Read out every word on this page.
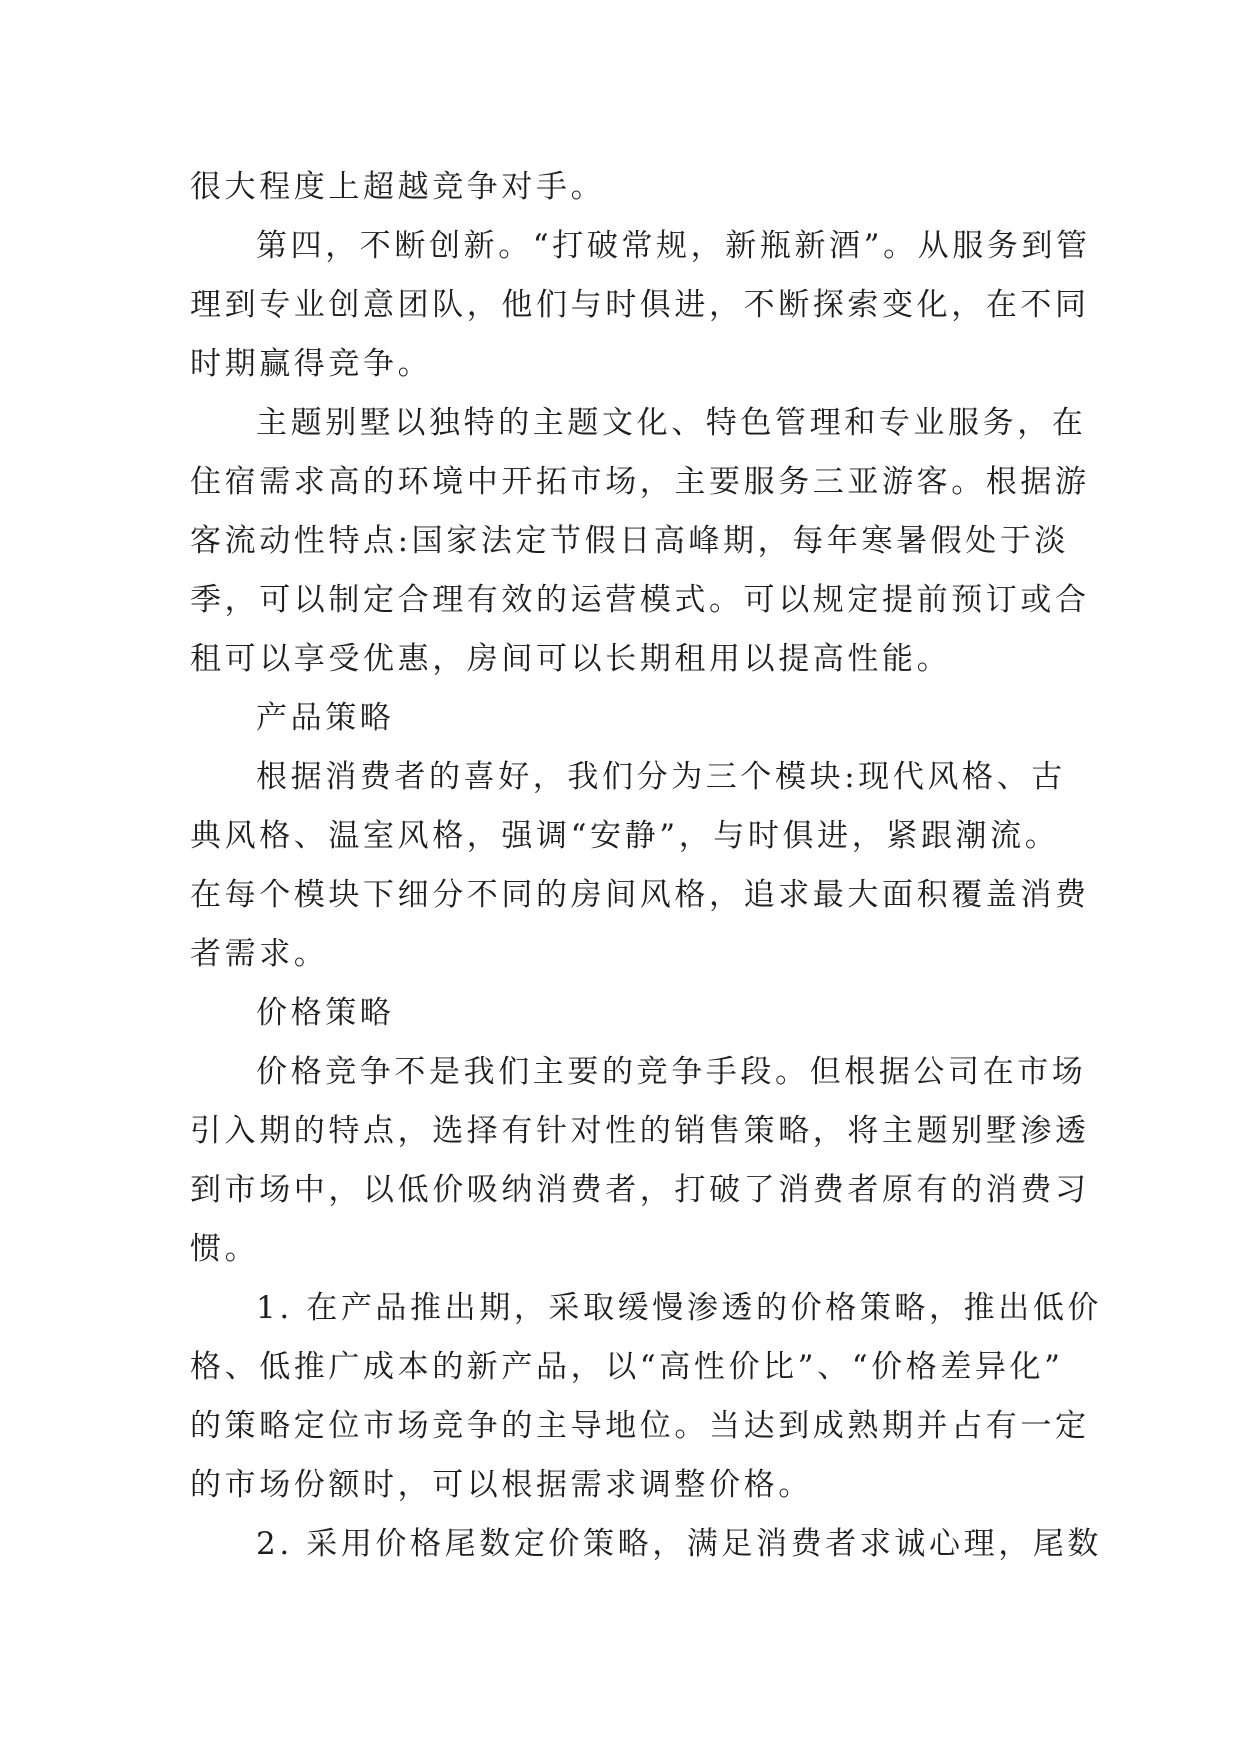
很大程度上超越竞争对手。
第四，不断创新。“打破常规，新瓶新酒”。从服务到管
理到专业创意团队，他们与时俱进，不断探索变化，在不同
时期赢得竞争。
主题别墅以独特的主题文化、特色管理和专业服务，在
住宿需求高的环境中开拓市场，主要服务三亚游客。根据游
客流动性特点:国家法定节假日高峰期，每年寒暑假处于淡
季，可以制定合理有效的运营模式。可以规定提前预订或合
租可以享受优惠，房间可以长期租用以提高性能。
产品策略
根据消费者的喜好，我们分为三个模块:现代风格、古
典风格、温室风格，强调“安静”，与时俱进，紧跟潮流。
在每个模块下细分不同的房间风格，追求最大面积覆盖消费
者需求。
价格策略
价格竞争不是我们主要的竞争手段。但根据公司在市场
引入期的特点，选择有针对性的销售策略，将主题别墅渗透
到市场中，以低价吸纳消费者，打破了消费者原有的消费习
惯。
1. 在产品推出期，采取缓慢渗透的价格策略，推出低价
格、低推广成本的新产品，以“高性价比”、“价格差异化”
的策略定位市场竞争的主导地位。当达到成熟期并占有一定
的市场份额时，可以根据需求调整价格。
2. 采用价格尾数定价策略，满足消费者求诚心理，尾数
